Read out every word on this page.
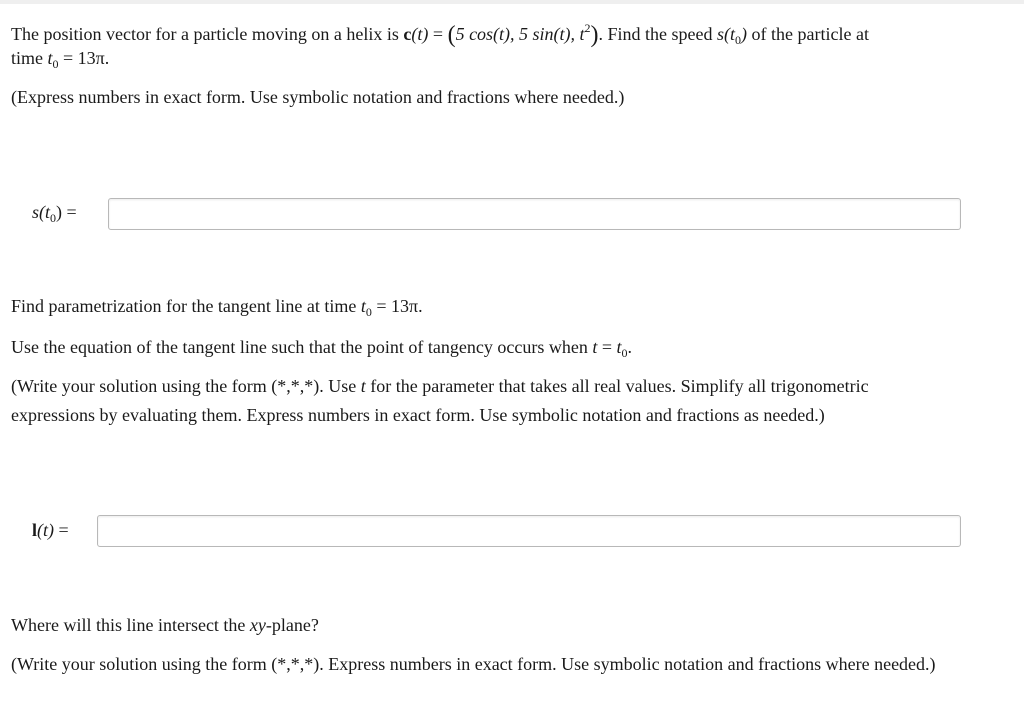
The position vector for a particle moving on a helix is c(t) = (5 cos(t), 5 sin(t), $t^2$). Find the speed $s(t_0)$ of the particle at
time $t_0 = 13\pi$.
(Express numbers in exact form. Use symbolic notation and fractions where needed.)
$s(t_0)$ =
Find parametrization for the tangent line at time $t_0 = 13\pi$.
Use the equation of the tangent line such that the point of tangency occurs when $t = t_0$.
(Write your solution using the form (*,*,*). Use t for the parameter that takes all real values. Simplify all trigonometric
expressions by evaluating them. Express numbers in exact form. Use symbolic notation and fractions as needed.)
l(t) =
Where will this line intersect the xy-plane?
(Write your solution using the form (*,*,*). Express numbers in exact form. Use symbolic notation and fractions where needed.)
